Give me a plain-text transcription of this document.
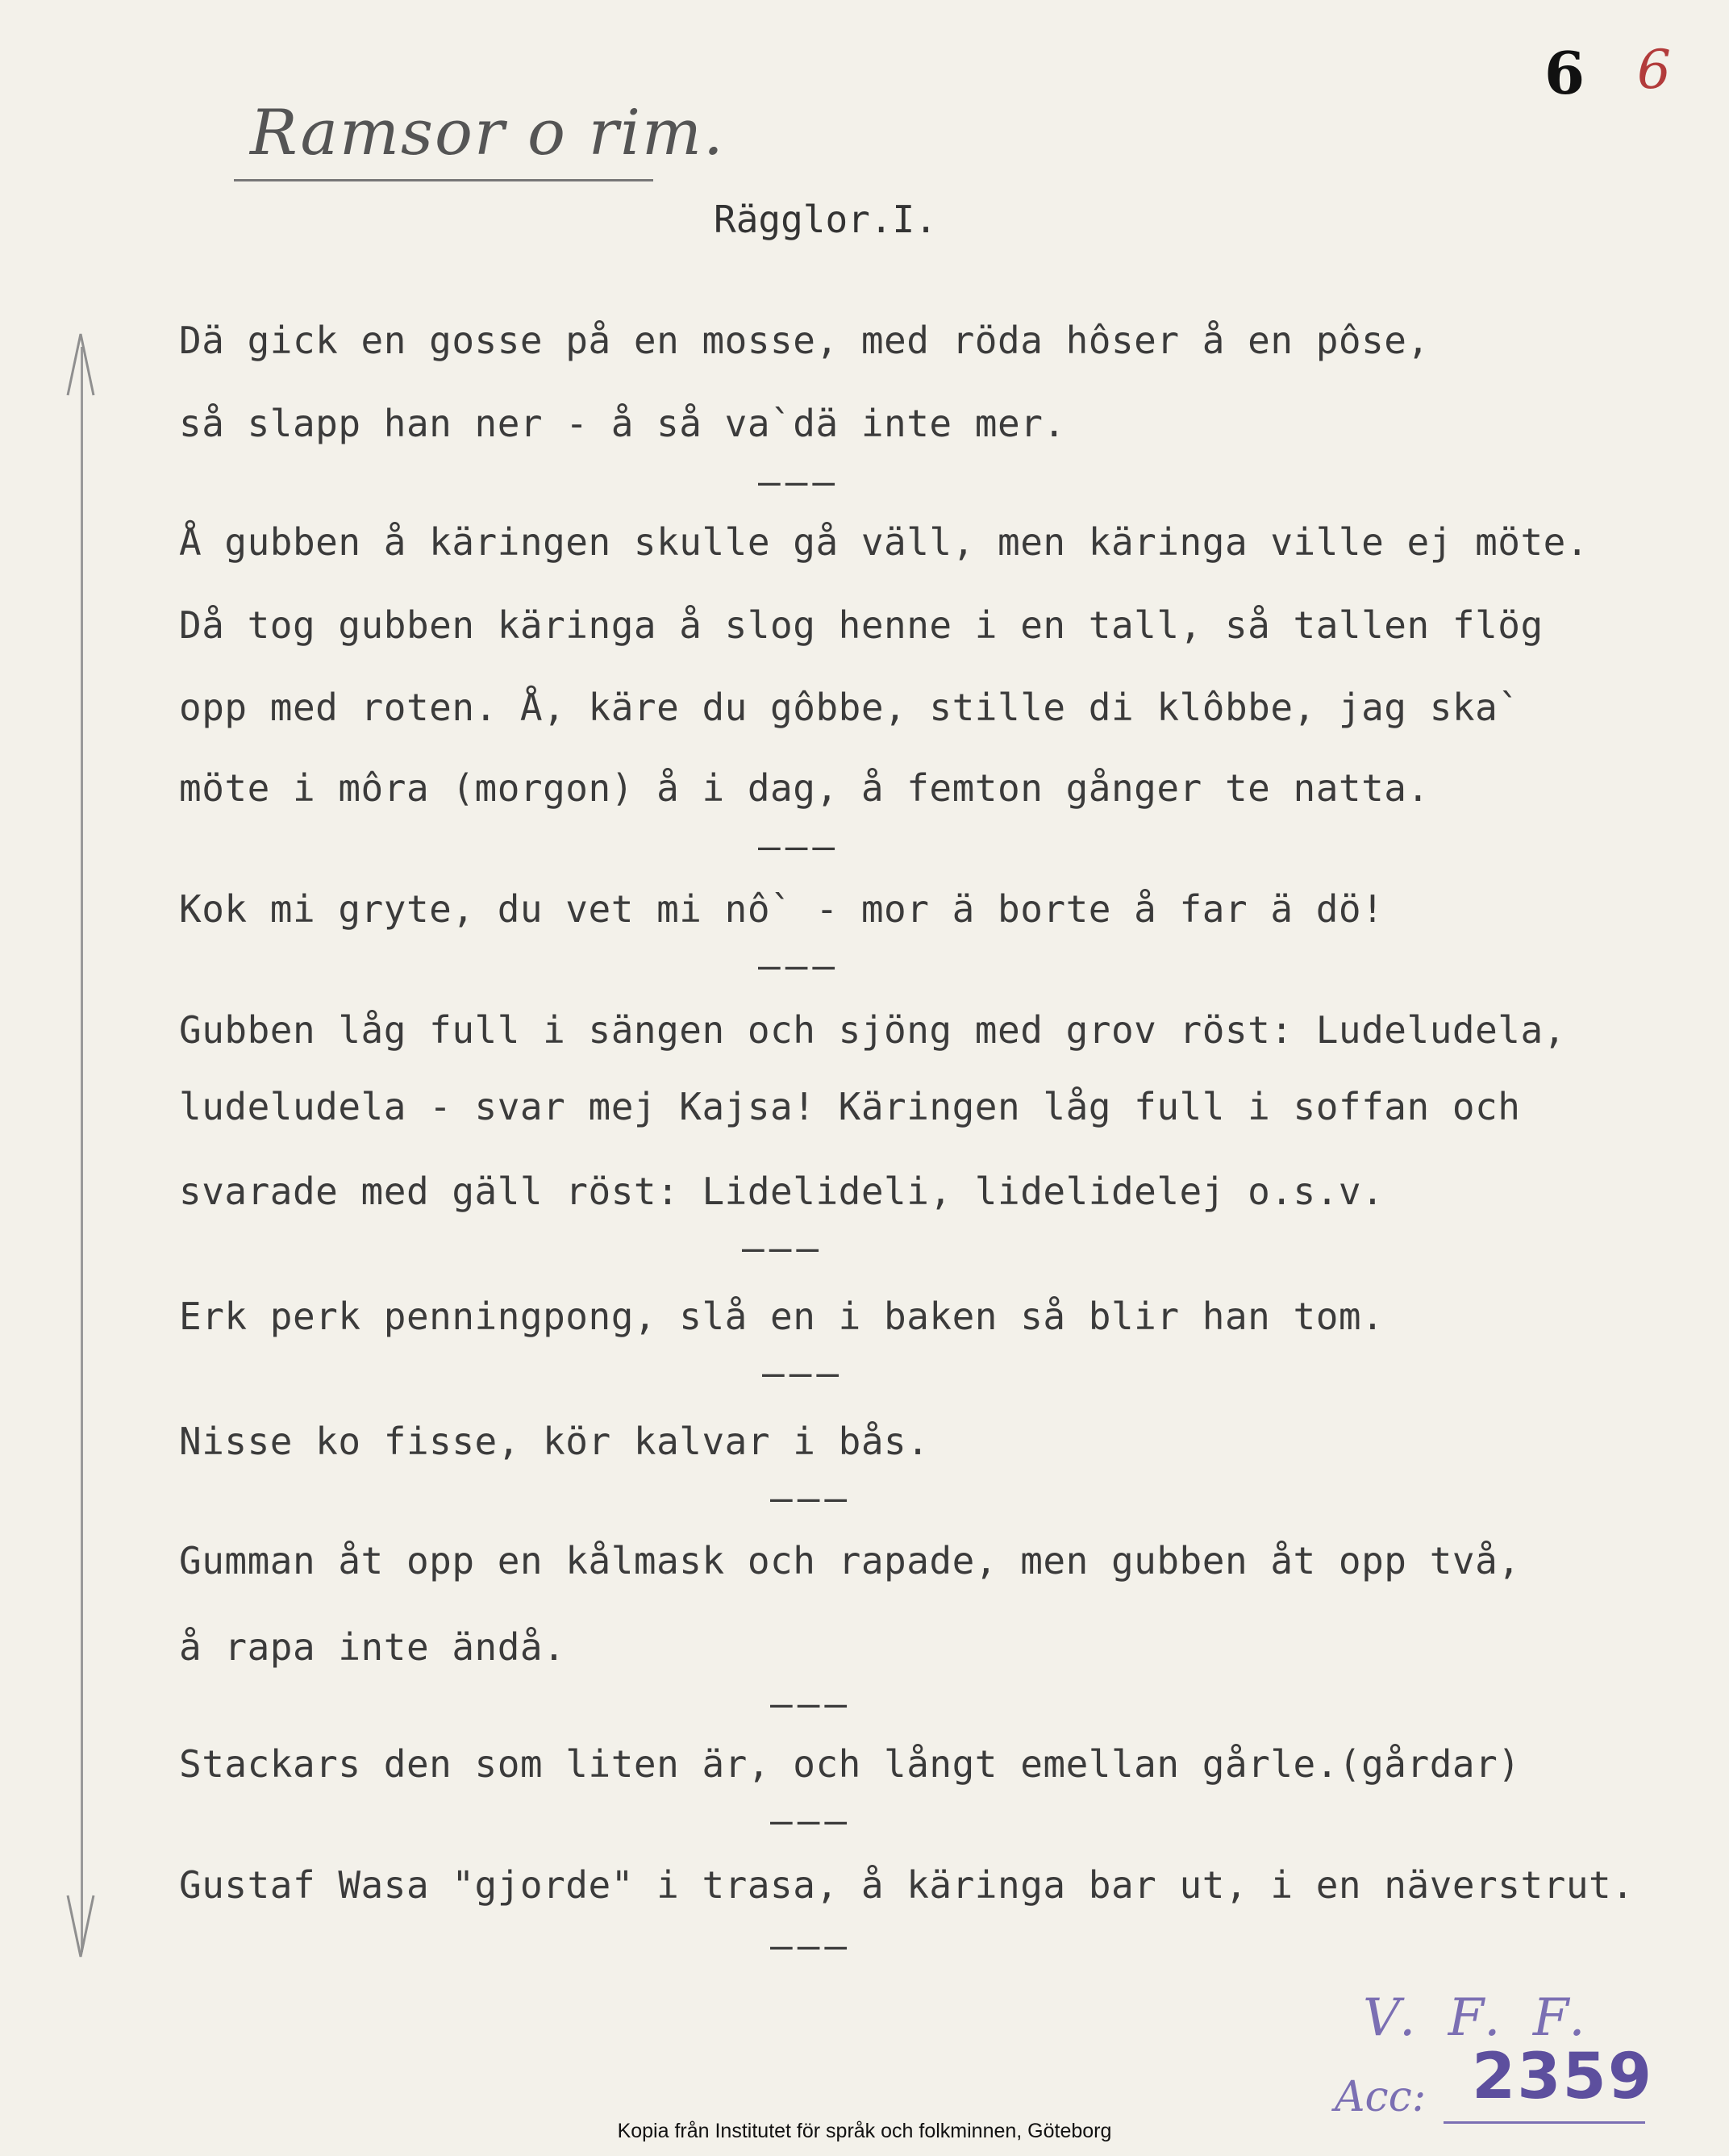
Ramsor o rim.
6 6
Rägglor.I.
Dä gick en gosse på en mosse, med röda hôser å en pôse,
så slapp han ner - å så va`dä inte mer.
———
Å gubben å käringen skulle gå väll, men käringa ville ej möte.
Då tog gubben käringa å slog henne i en tall, så tallen flög
opp med roten. Å, käre du gôbbe, stille di klôbbe, jag ska`
möte i môra (morgon) å i dag, å femton gånger te natta.
———
Kok mi gryte, du vet mi nô` - mor ä borte å far ä dö!
———
Gubben låg full i sängen och sjöng med grov röst: Ludeludela,
ludeludela - svar mej Kajsa! Käringen låg full i soffan och
svarade med gäll röst: Lidelideli, lidelidelej o.s.v.
———
Erk perk penningpong, slå en i baken så blir han tom.
———
Nisse ko fisse, kör kalvar i bås.
———
Gumman åt opp en kålmask och rapade, men gubben åt opp två,
å rapa inte ändå.
———
Stackars den som liten är, och långt emellan gårle.(gårdar)
———
Gustaf Wasa "gjorde" i trasa, å käringa bar ut, i en näverstrut.
———
V. F. F.
Acc: 2359
Kopia från Institutet för språk och folkminnen, Göteborg
